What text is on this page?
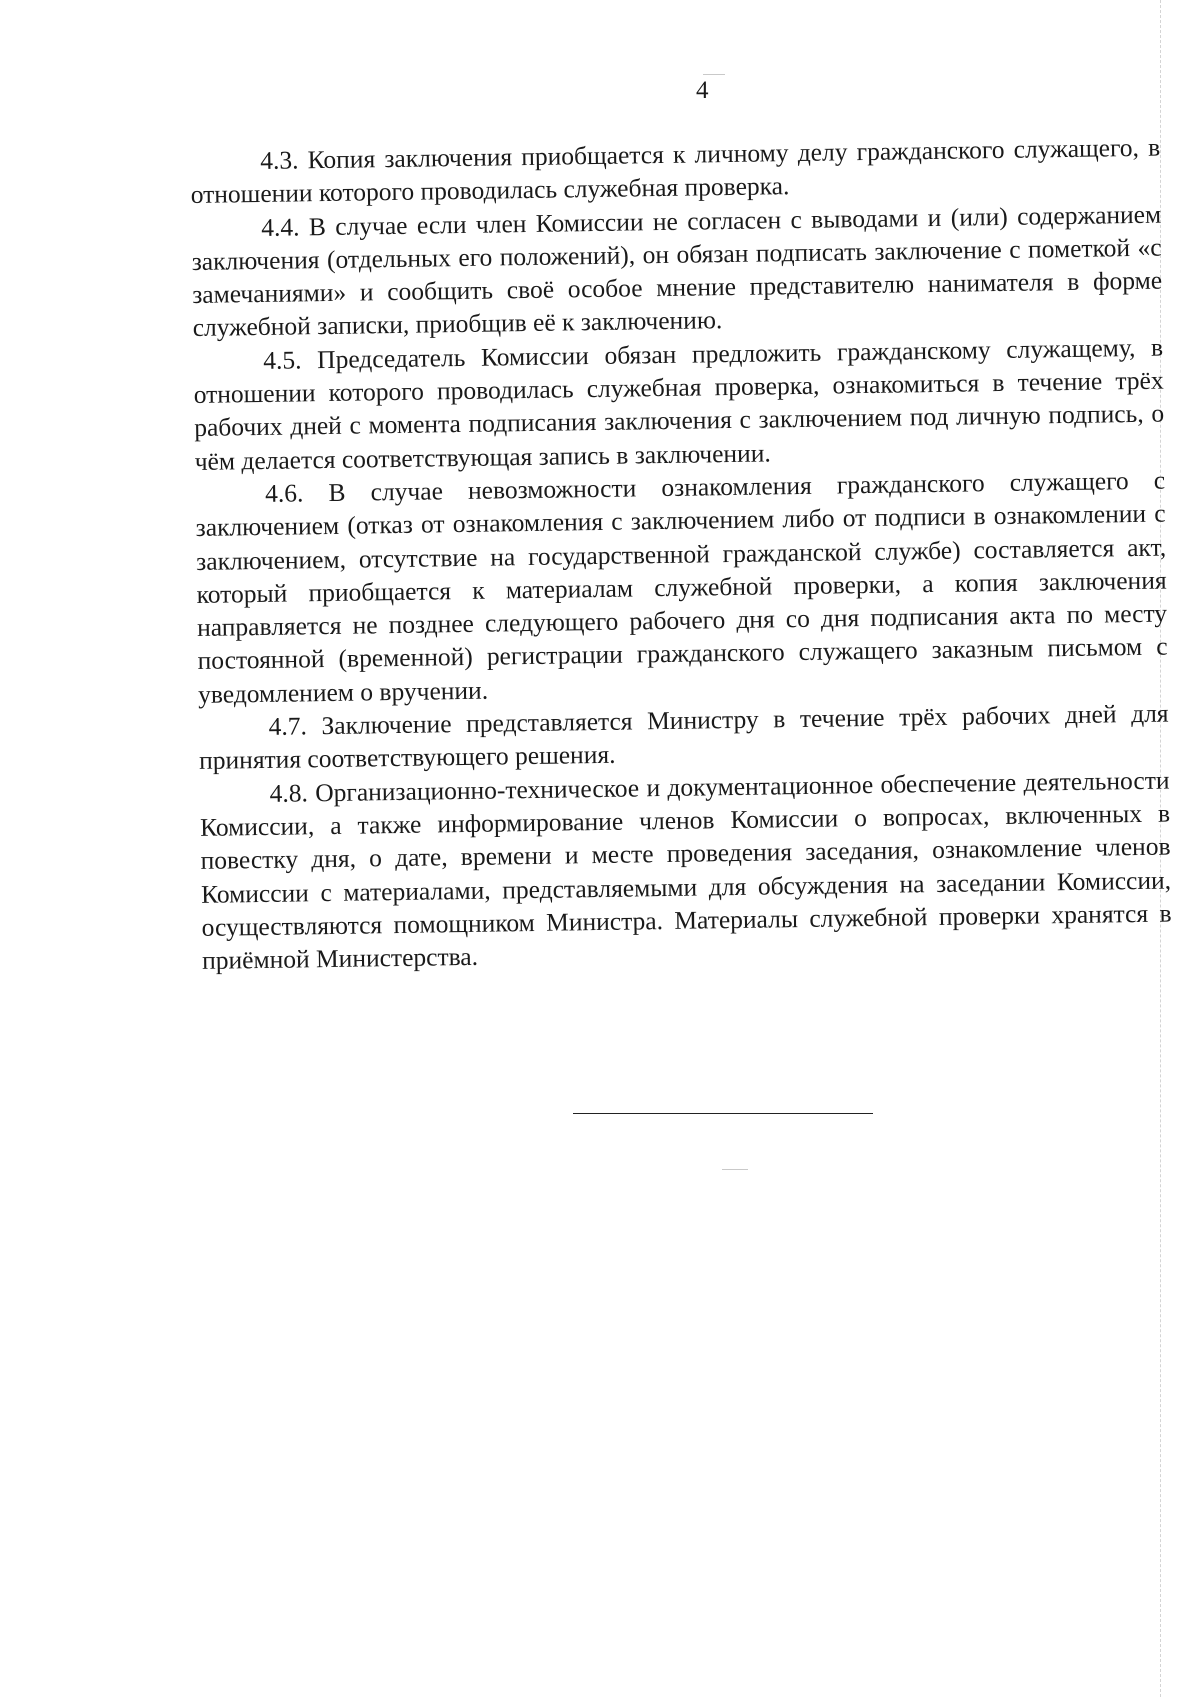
4

4.3. Копия заключения приобщается к личному делу гражданского служащего, в отношении которого проводилась служебная проверка.

4.4. В случае если член Комиссии не согласен с выводами и (или) содержанием заключения (отдельных его положений), он обязан подписать заключение с пометкой «с замечаниями» и сообщить своё особое мнение представителю нанимателя в форме служебной записки, приобщив её к заключению.

4.5. Председатель Комиссии обязан предложить гражданскому служащему, в отношении которого проводилась служебная проверка, ознакомиться в течение трёх рабочих дней с момента подписания заключения с заключением под личную подпись, о чём делается соответствующая запись в заключении.

4.6. В случае невозможности ознакомления гражданского служащего с заключением (отказ от ознакомления с заключением либо от подписи в ознакомлении с заключением, отсутствие на государственной гражданской службе) составляется акт, который приобщается к материалам служебной проверки, а копия заключения направляется не позднее следующего рабочего дня со дня подписания акта по месту постоянной (временной) регистрации гражданского служащего заказным письмом с уведомлением о вручении.

4.7. Заключение представляется Министру в течение трёх рабочих дней для принятия соответствующего решения.

4.8. Организационно-техническое и документационное обеспечение деятельности Комиссии, а также информирование членов Комиссии о вопросах, включенных в повестку дня, о дате, времени и месте проведения заседания, ознакомление членов Комиссии с материалами, представляемыми для обсуждения на заседании Комиссии, осуществляются помощником Министра. Материалы служебной проверки хранятся в приёмной Министерства.
